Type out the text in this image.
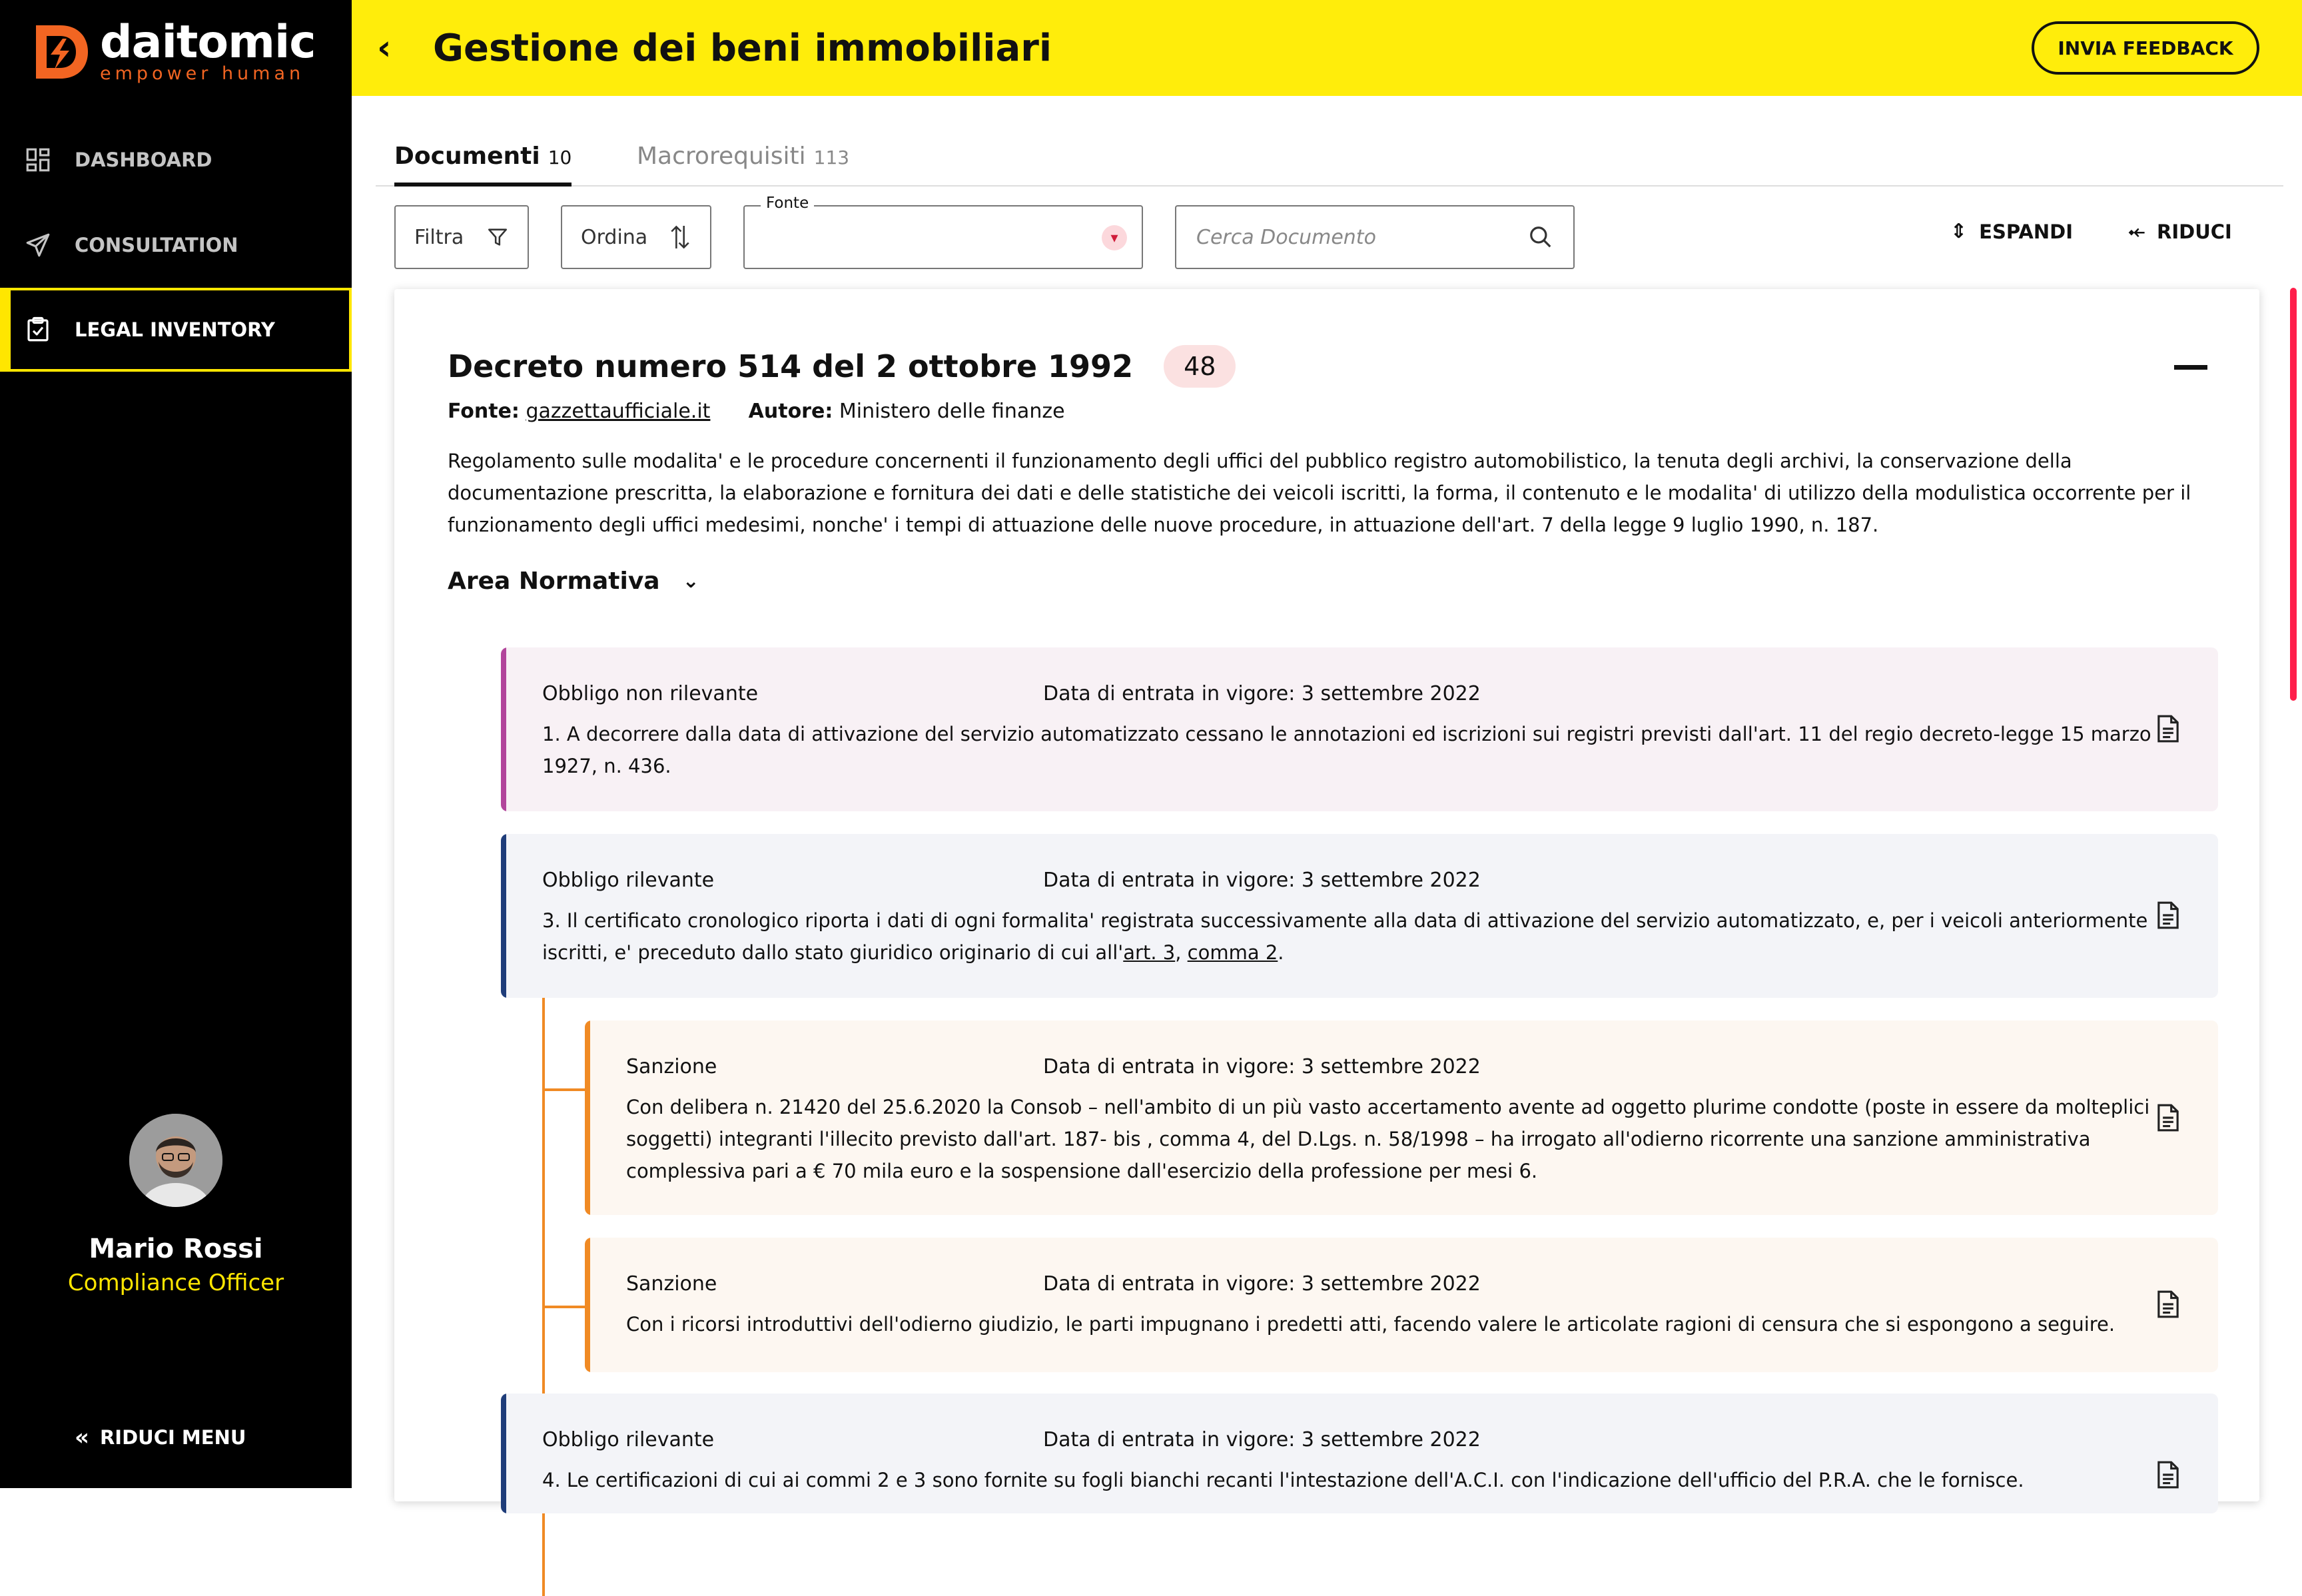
daitomic
empower human
DASHBOARD
CONSULTATION
LEGAL INVENTORY
Mario Rossi
Compliance Officer
« RIDUCI MENU
‹	Gestione dei beni immobiliari	INVIA FEEDBACK
Documenti 10	Macrorequisiti 113
Filtra	Ordina
Fonte
▾
Cerca Documento	⇕ ESPANDI	⤝ RIDUCI
Decreto numero 514 del 2 ottobre 1992	48
Fonte: gazzettaufficiale.it Autore: Ministero delle finanze

Regolamento sulle modalita' e le procedure concernenti il funzionamento degli uffici del pubblico registro automobilistico, la tenuta degli archivi, la conservazione della documentazione prescritta, la elaborazione e fornitura dei dati e delle statistiche dei veicoli iscritti, la forma, il contenuto e le modalita' di utilizzo della modulistica occorrente per il funzionamento degli uffici medesimi, nonche' i tempi di attuazione delle nuove procedure, in attuazione dell'art. 7 della legge 9 luglio 1990, n. 187.

Area Normativa ⌄
Obbligo non rilevante	Data di entrata in vigore: 3 settembre 2022
1. A decorrere dalla data di attivazione del servizio automatizzato cessano le annotazioni ed iscrizioni sui registri previsti dall'art. 11 del regio decreto-legge 15 marzo
1927, n. 436.
Obbligo rilevante	Data di entrata in vigore: 3 settembre 2022
3. Il certificato cronologico riporta i dati di ogni formalita' registrata successivamente alla data di attivazione del servizio automatizzato, e, per i veicoli anteriormente
iscritti, e' preceduto dallo stato giuridico originario di cui all'art. 3, comma 2.
Sanzione	Data di entrata in vigore: 3 settembre 2022
Con delibera n. 21420 del 25.6.2020 la Consob – nell'ambito di un più vasto accertamento avente ad oggetto plurime condotte (poste in essere da molteplici
soggetti) integranti l'illecito previsto dall'art. 187- bis , comma 4, del D.Lgs. n. 58/1998 – ha irrogato all'odierno ricorrente una sanzione amministrativa
complessiva pari a € 70 mila euro e la sospensione dall'esercizio della professione per mesi 6.
Sanzione	Data di entrata in vigore: 3 settembre 2022
Con i ricorsi introduttivi dell'odierno giudizio, le parti impugnano i predetti atti, facendo valere le articolate ragioni di censura che si espongono a seguire.
Obbligo rilevante	Data di entrata in vigore: 3 settembre 2022
4. Le certificazioni di cui ai commi 2 e 3 sono fornite su fogli bianchi recanti l'intestazione dell'A.C.I. con l'indicazione dell'ufficio del P.R.A. che le fornisce.
